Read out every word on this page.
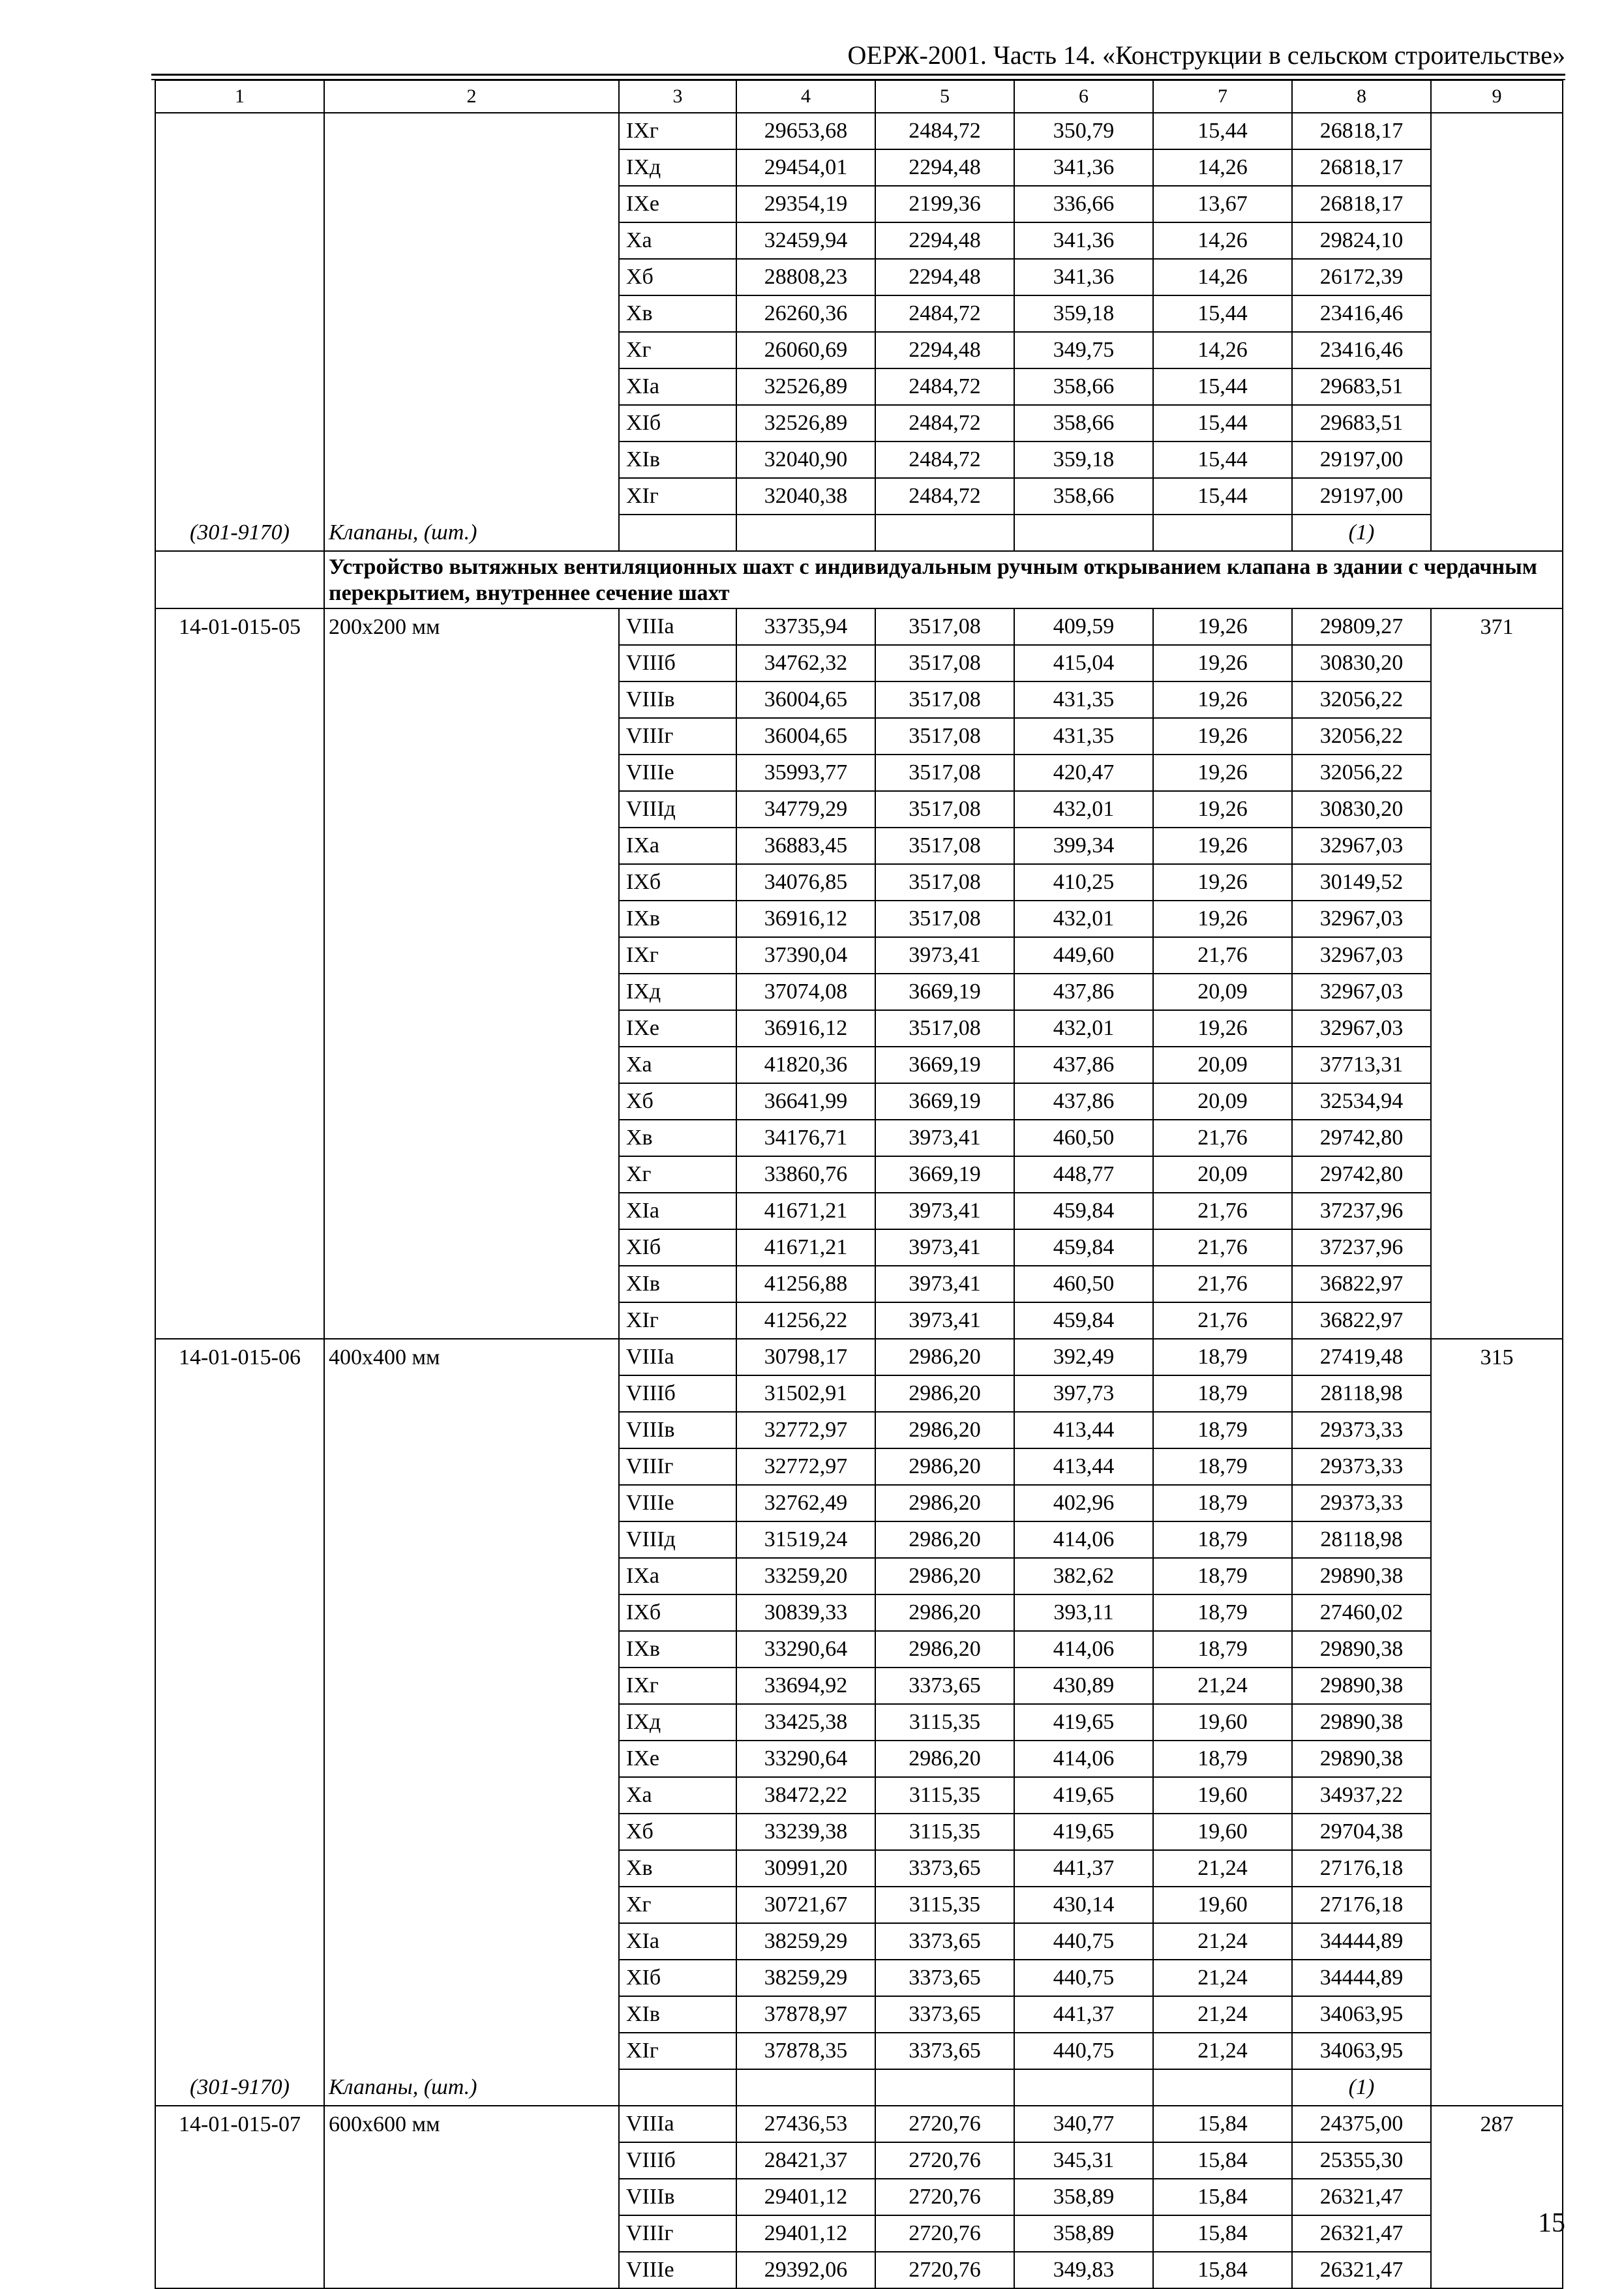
ОЕРЖ-2001. Часть 14. «Конструкции в сельском строительстве»
1	2	3	4	5	6	7	8	9
		IXг	29653,68	2484,72	350,79	15,44	26818,17	
		IXд	29454,01	2294,48	341,36	14,26	26818,17	
		IXе	29354,19	2199,36	336,66	13,67	26818,17	
		Xа	32459,94	2294,48	341,36	14,26	29824,10	
		Xб	28808,23	2294,48	341,36	14,26	26172,39	
		Xв	26260,36	2484,72	359,18	15,44	23416,46	
		Xг	26060,69	2294,48	349,75	14,26	23416,46	
		XIа	32526,89	2484,72	358,66	15,44	29683,51	
		XIб	32526,89	2484,72	358,66	15,44	29683,51	
		XIв	32040,90	2484,72	359,18	15,44	29197,00	
		XIг	32040,38	2484,72	358,66	15,44	29197,00	
(301-9170)	Клапаны, (шт.)						(1)	
	Устройство вытяжных вентиляционных шахт с индивидуальным ручным открыванием клапана в здании с чердачным перекрытием, внутреннее сечение шахт							
14-01-015-05	200x200 мм	VIIIа	33735,94	3517,08	409,59	19,26	29809,27	371
		VIIIб	34762,32	3517,08	415,04	19,26	30830,20	
		VIIIв	36004,65	3517,08	431,35	19,26	32056,22	
		VIIIг	36004,65	3517,08	431,35	19,26	32056,22	
		VIIIе	35993,77	3517,08	420,47	19,26	32056,22	
		VIIIд	34779,29	3517,08	432,01	19,26	30830,20	
		IXа	36883,45	3517,08	399,34	19,26	32967,03	
		IXб	34076,85	3517,08	410,25	19,26	30149,52	
		IXв	36916,12	3517,08	432,01	19,26	32967,03	
		IXг	37390,04	3973,41	449,60	21,76	32967,03	
		IXд	37074,08	3669,19	437,86	20,09	32967,03	
		IXе	36916,12	3517,08	432,01	19,26	32967,03	
		Xа	41820,36	3669,19	437,86	20,09	37713,31	
		Xб	36641,99	3669,19	437,86	20,09	32534,94	
		Xв	34176,71	3973,41	460,50	21,76	29742,80	
		Xг	33860,76	3669,19	448,77	20,09	29742,80	
		XIа	41671,21	3973,41	459,84	21,76	37237,96	
		XIб	41671,21	3973,41	459,84	21,76	37237,96	
		XIв	41256,88	3973,41	460,50	21,76	36822,97	
		XIг	41256,22	3973,41	459,84	21,76	36822,97	
14-01-015-06	400x400 мм	VIIIа	30798,17	2986,20	392,49	18,79	27419,48	315
		VIIIб	31502,91	2986,20	397,73	18,79	28118,98	
		VIIIв	32772,97	2986,20	413,44	18,79	29373,33	
		VIIIг	32772,97	2986,20	413,44	18,79	29373,33	
		VIIIе	32762,49	2986,20	402,96	18,79	29373,33	
		VIIIд	31519,24	2986,20	414,06	18,79	28118,98	
		IXа	33259,20	2986,20	382,62	18,79	29890,38	
		IXб	30839,33	2986,20	393,11	18,79	27460,02	
		IXв	33290,64	2986,20	414,06	18,79	29890,38	
		IXг	33694,92	3373,65	430,89	21,24	29890,38	
		IXд	33425,38	3115,35	419,65	19,60	29890,38	
		IXе	33290,64	2986,20	414,06	18,79	29890,38	
		Xа	38472,22	3115,35	419,65	19,60	34937,22	
		Xб	33239,38	3115,35	419,65	19,60	29704,38	
		Xв	30991,20	3373,65	441,37	21,24	27176,18	
		Xг	30721,67	3115,35	430,14	19,60	27176,18	
		XIа	38259,29	3373,65	440,75	21,24	34444,89	
		XIб	38259,29	3373,65	440,75	21,24	34444,89	
		XIв	37878,97	3373,65	441,37	21,24	34063,95	
		XIг	37878,35	3373,65	440,75	21,24	34063,95	
(301-9170)	Клапаны, (шт.)						(1)	
14-01-015-07	600x600 мм	VIIIа	27436,53	2720,76	340,77	15,84	24375,00	287
		VIIIб	28421,37	2720,76	345,31	15,84	25355,30	
		VIIIв	29401,12	2720,76	358,89	15,84	26321,47	
		VIIIг	29401,12	2720,76	358,89	15,84	26321,47	
		VIIIе	29392,06	2720,76	349,83	15,84	26321,47	
15
